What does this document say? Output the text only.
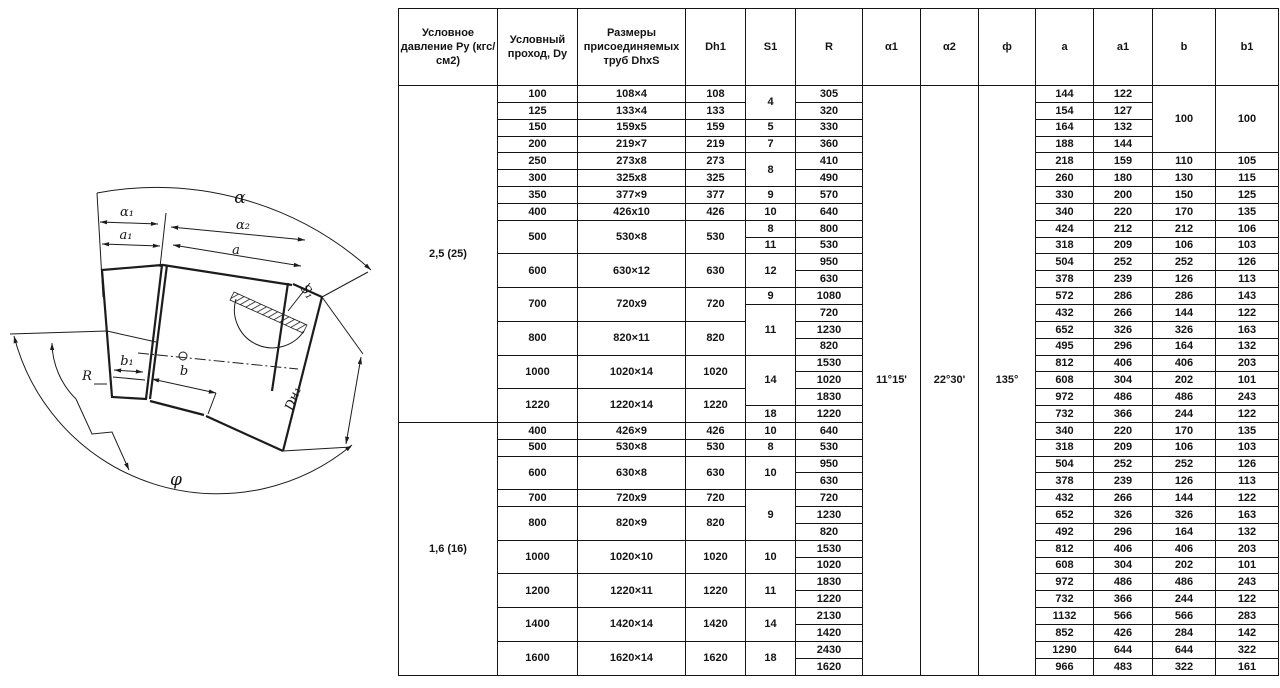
α
α₁
a₁
α₂
a
S₁
R
b₁
b
Dн₁
φ
Условное давление Ру (кгс/см2)	Условный проход, Dу	Размеры присоединяемых труб DhxS	Dh1	S1	R	α1	α2	ф	a	a1	b	b1
2,5 (25)	100	108×4	108	4	305	11°15'	22°30'	135°	144	122	100	100
	125	133×4	133		320				154	127		
	150	159x5	159	5	330				164	132		
	200	219×7	219	7	360				188	144		
	250	273x8	273	8	410				218	159	110	105
	300	325x8	325		490				260	180	130	115
	350	377×9	377	9	570				330	200	150	125
	400	426x10	426	10	640				340	220	170	135
	500	530×8	530	8	800				424	212	212	106
				11	530				318	209	106	103
	600	630×12	630	12	950				504	252	252	126
					630				378	239	126	113
	700	720x9	720	9	1080				572	286	286	143
				11	720				432	266	144	122
	800	820×11	820		1230				652	326	326	163
					820				495	296	164	132
	1000	1020×14	1020	14	1530				812	406	406	203
					1020				608	304	202	101
	1220	1220×14	1220		1830				972	486	486	243
				18	1220				732	366	244	122
1,6 (16)	400	426×9	426	10	640				340	220	170	135
	500	530×8	530	8	530				318	209	106	103
	600	630×8	630	10	950				504	252	252	126
					630				378	239	126	113
	700	720x9	720	9	720				432	266	144	122
	800	820×9	820		1230				652	326	326	163
					820				492	296	164	132
	1000	1020×10	1020	10	1530				812	406	406	203
					1020				608	304	202	101
	1200	1220×11	1220	11	1830				972	486	486	243
					1220				732	366	244	122
	1400	1420×14	1420	14	2130				1132	566	566	283
					1420				852	426	284	142
	1600	1620×14	1620	18	2430				1290	644	644	322
					1620				966	483	322	161
